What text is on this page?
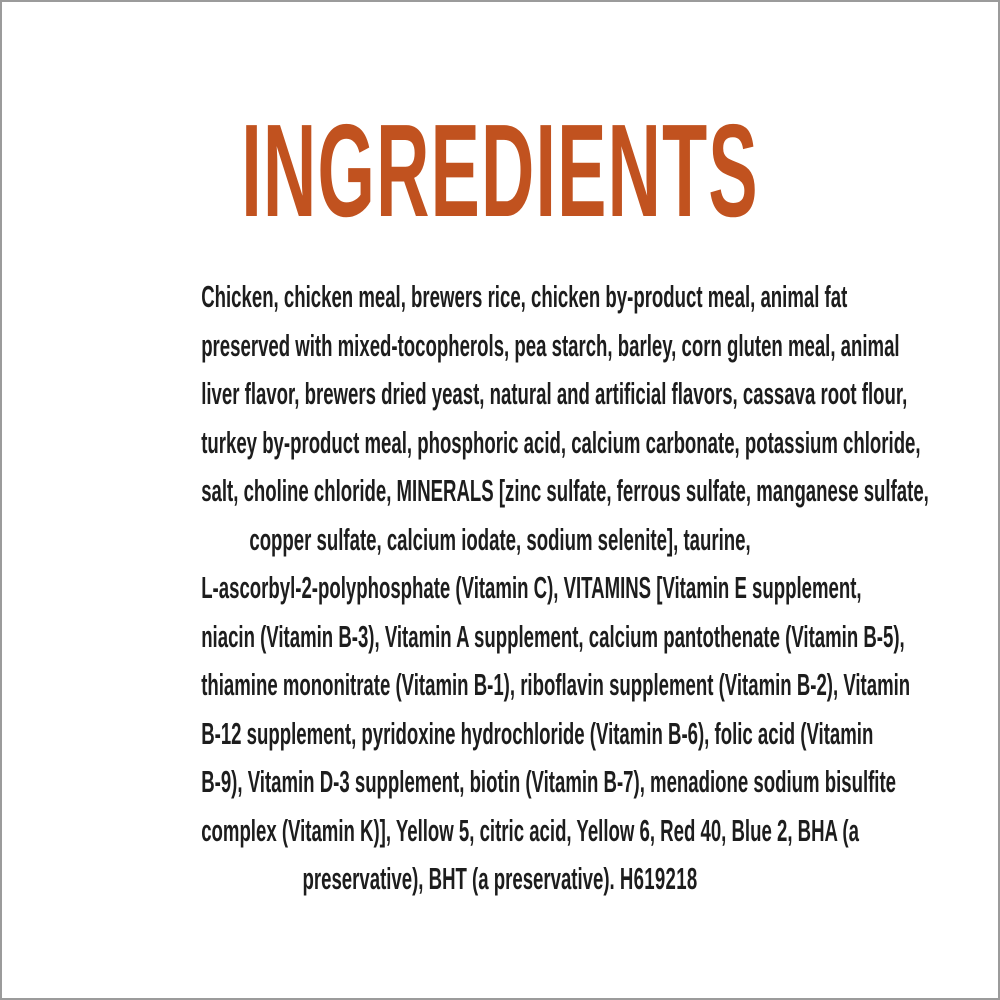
INGREDIENTS
Chicken, chicken meal, brewers rice, chicken by-product meal, animal fat
preserved with mixed-tocopherols, pea starch, barley, corn gluten meal, animal
liver flavor, brewers dried yeast, natural and artificial flavors, cassava root flour,
turkey by-product meal, phosphoric acid, calcium carbonate, potassium chloride,
salt, choline chloride, MINERALS [zinc sulfate, ferrous sulfate, manganese sulfate,
copper sulfate, calcium iodate, sodium selenite], taurine,
L-ascorbyl-2-polyphosphate (Vitamin C), VITAMINS [Vitamin E supplement,
niacin (Vitamin B-3), Vitamin A supplement, calcium pantothenate (Vitamin B-5),
thiamine mononitrate (Vitamin B-1), riboflavin supplement (Vitamin B-2), Vitamin
B-12 supplement, pyridoxine hydrochloride (Vitamin B-6), folic acid (Vitamin
B-9), Vitamin D-3 supplement, biotin (Vitamin B-7), menadione sodium bisulfite
complex (Vitamin K)], Yellow 5, citric acid, Yellow 6, Red 40, Blue 2, BHA (a
preservative), BHT (a preservative). H619218
